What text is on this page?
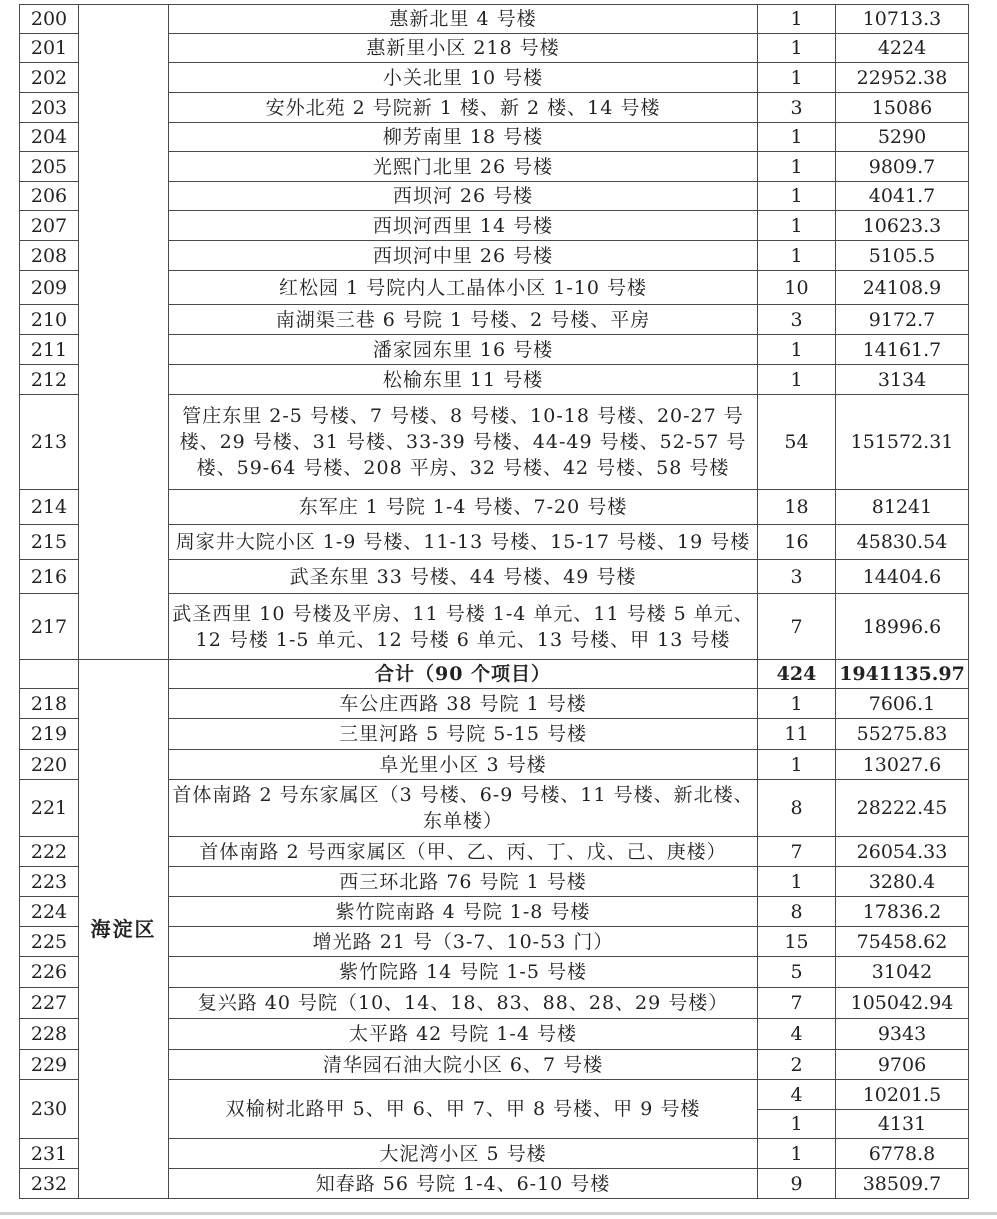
200		惠新北里 4 号楼	1	10713.3
201		惠新里小区 218 号楼	1	4224
202		小关北里 10 号楼	1	22952.38
203		安外北苑 2 号院新 1 楼、新 2 楼、14 号楼	3	15086
204		柳芳南里 18 号楼	1	5290
205		光熙门北里 26 号楼	1	9809.7
206		西坝河 26 号楼	1	4041.7
207		西坝河西里 14 号楼	1	10623.3
208		西坝河中里 26 号楼	1	5105.5
209		红松园 1 号院内人工晶体小区 1-10 号楼	10	24108.9
210		南湖渠三巷 6 号院 1 号楼、2 号楼、平房	3	9172.7
211		潘家园东里 16 号楼	1	14161.7
212		松榆东里 11 号楼	1	3134
213		管庄东里 2-5 号楼、7 号楼、8 号楼、10-18 号楼、20-27 号楼、29 号楼、31 号楼、33-39 号楼、44-49 号楼、52-57 号楼、59-64 号楼、208 平房、32 号楼、42 号楼、58 号楼	54	151572.31
214		东军庄 1 号院 1-4 号楼、7-20 号楼	18	81241
215		周家井大院小区 1-9 号楼、11-13 号楼、15-17 号楼、19 号楼	16	45830.54
216		武圣东里 33 号楼、44 号楼、49 号楼	3	14404.6
217		武圣西里 10 号楼及平房、11 号楼 1-4 单元、11 号楼 5 单元、12 号楼 1-5 单元、12 号楼 6 单元、13 号楼、甲 13 号楼	7	18996.6
	海淀区	合计（90 个项目）	424	1941135.97
218		车公庄西路 38 号院 1 号楼	1	7606.1
219		三里河路 5 号院 5-15 号楼	11	55275.83
220		阜光里小区 3 号楼	1	13027.6
221		首体南路 2 号东家属区（3 号楼、6-9 号楼、11 号楼、新北楼、东单楼）	8	28222.45
222		首体南路 2 号西家属区（甲、乙、丙、丁、戊、己、庚楼）	7	26054.33
223		西三环北路 76 号院 1 号楼	1	3280.4
224		紫竹院南路 4 号院 1-8 号楼	8	17836.2
225		增光路 21 号（3-7、10-53 门）	15	75458.62
226		紫竹院路 14 号院 1-5 号楼	5	31042
227		复兴路 40 号院（10、14、18、83、88、28、29 号楼）	7	105042.94
228		太平路 42 号院 1-4 号楼	4	9343
229		清华园石油大院小区 6、7 号楼	2	9706
230		双榆树北路甲 5、甲 6、甲 7、甲 8 号楼、甲 9 号楼	4	10201.5
			1	4131
231		大泥湾小区 5 号楼	1	6778.8
232		知春路 56 号院 1-4、6-10 号楼	9	38509.7
